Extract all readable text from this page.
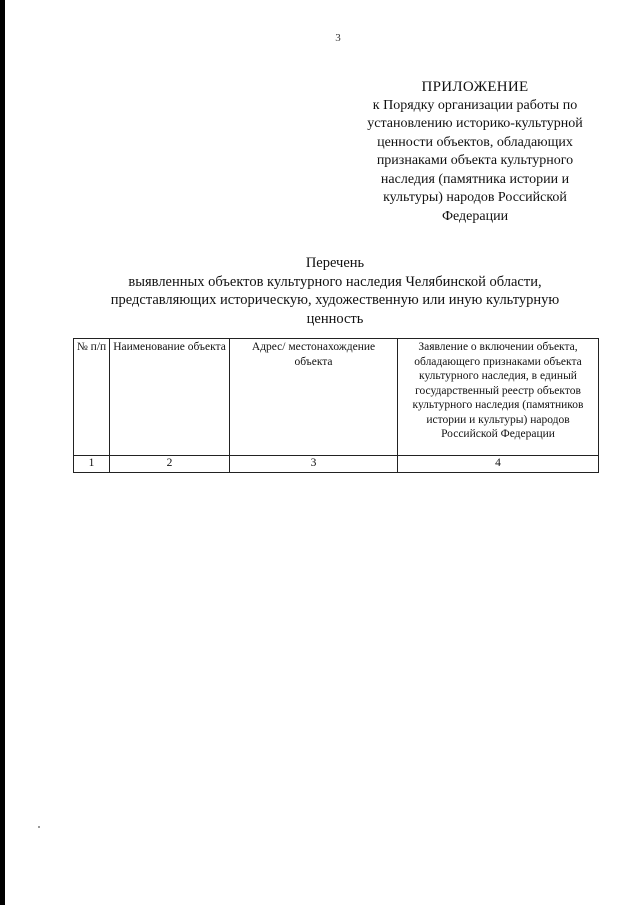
3
ПРИЛОЖЕНИЕ
к Порядку организации работы по
установлению историко-культурной
ценности объектов, обладающих
признаками объекта культурного
наследия (памятника истории и
культуры) народов Российской
Федерации
Перечень
выявленных объектов культурного наследия Челябинской области,
представляющих историческую, художественную или иную культурную
ценность
№ п/п	Наименование объекта	Адрес/ местонахождение объекта	Заявление о включении объекта, обладающего признаками объекта культурного наследия, в единый государственный реестр объектов культурного наследия (памятников истории и культуры) народов Российской Федерации
1	2	3	4
